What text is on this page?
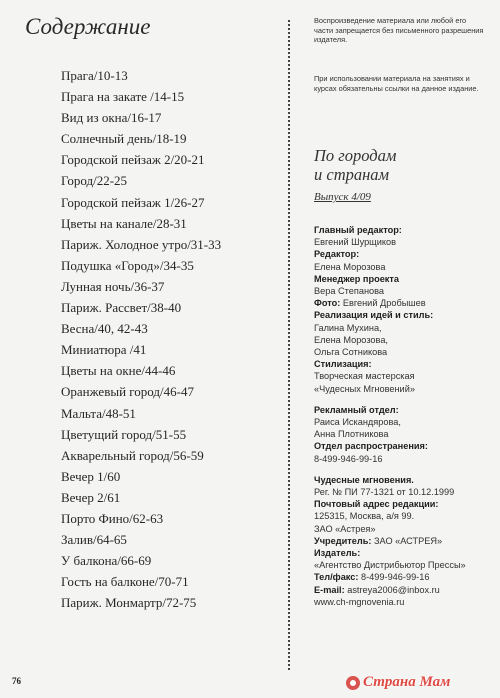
Содержание
Прага/10-13
Прага на закате /14-15
Вид из окна/16-17
Солнечный день/18-19
Городской пейзаж 2/20-21
Город/22-25
Городской пейзаж 1/26-27
Цветы на канале/28-31
Париж. Холодное утро/31-33
Подушка «Город»/34-35
Лунная ночь/36-37
Париж. Рассвет/38-40
Весна/40, 42-43
Миниатюра /41
Цветы на окне/44-46
Оранжевый город/46-47
Мальта/48-51
Цветущий город/51-55
Акварельный город/56-59
Вечер 1/60
Вечер 2/61
Порто Фино/62-63
Залив/64-65
У балкона/66-69
Гость на балконе/70-71
Париж. Монмартр/72-75

Воспроизведение материала или любой его части запрещается без письменного разрешения издателя.

При использовании материала на занятиях и курсах обязательны ссылки на данное издание.

По городам
и странам
Выпуск 4/09
Главный редактор:
Евгений Шурщиков
Редактор:
Елена Морозова
Менеджер проекта
Вера Степанова
Фото: Евгений Дробышев
Реализация идей и стиль:
Галина Мухина,
Елена Морозова,
Ольга Сотникова
Стилизация:
Творческая мастерская
«Чудесных Мгновений»
Рекламный отдел:
Раиса Искандярова,
Анна Плотникова
Отдел распространения:
8-499-946-99-16
Чудесные мгновения.
Рег. № ПИ 77-1321 от 10.12.1999
Почтовый адрес редакции:
125315, Москва, а/я 99.
ЗАО «Астрея»
Учредитель: ЗАО «АСТРЕЯ»
Издатель:
«Агентство Дистрибьютор Прессы»
Тел/факс: 8-499-946-99-16
E-mail: astreya2006@inbox.ru
www.ch-mgnovenia.ru
76	Страна Мам
